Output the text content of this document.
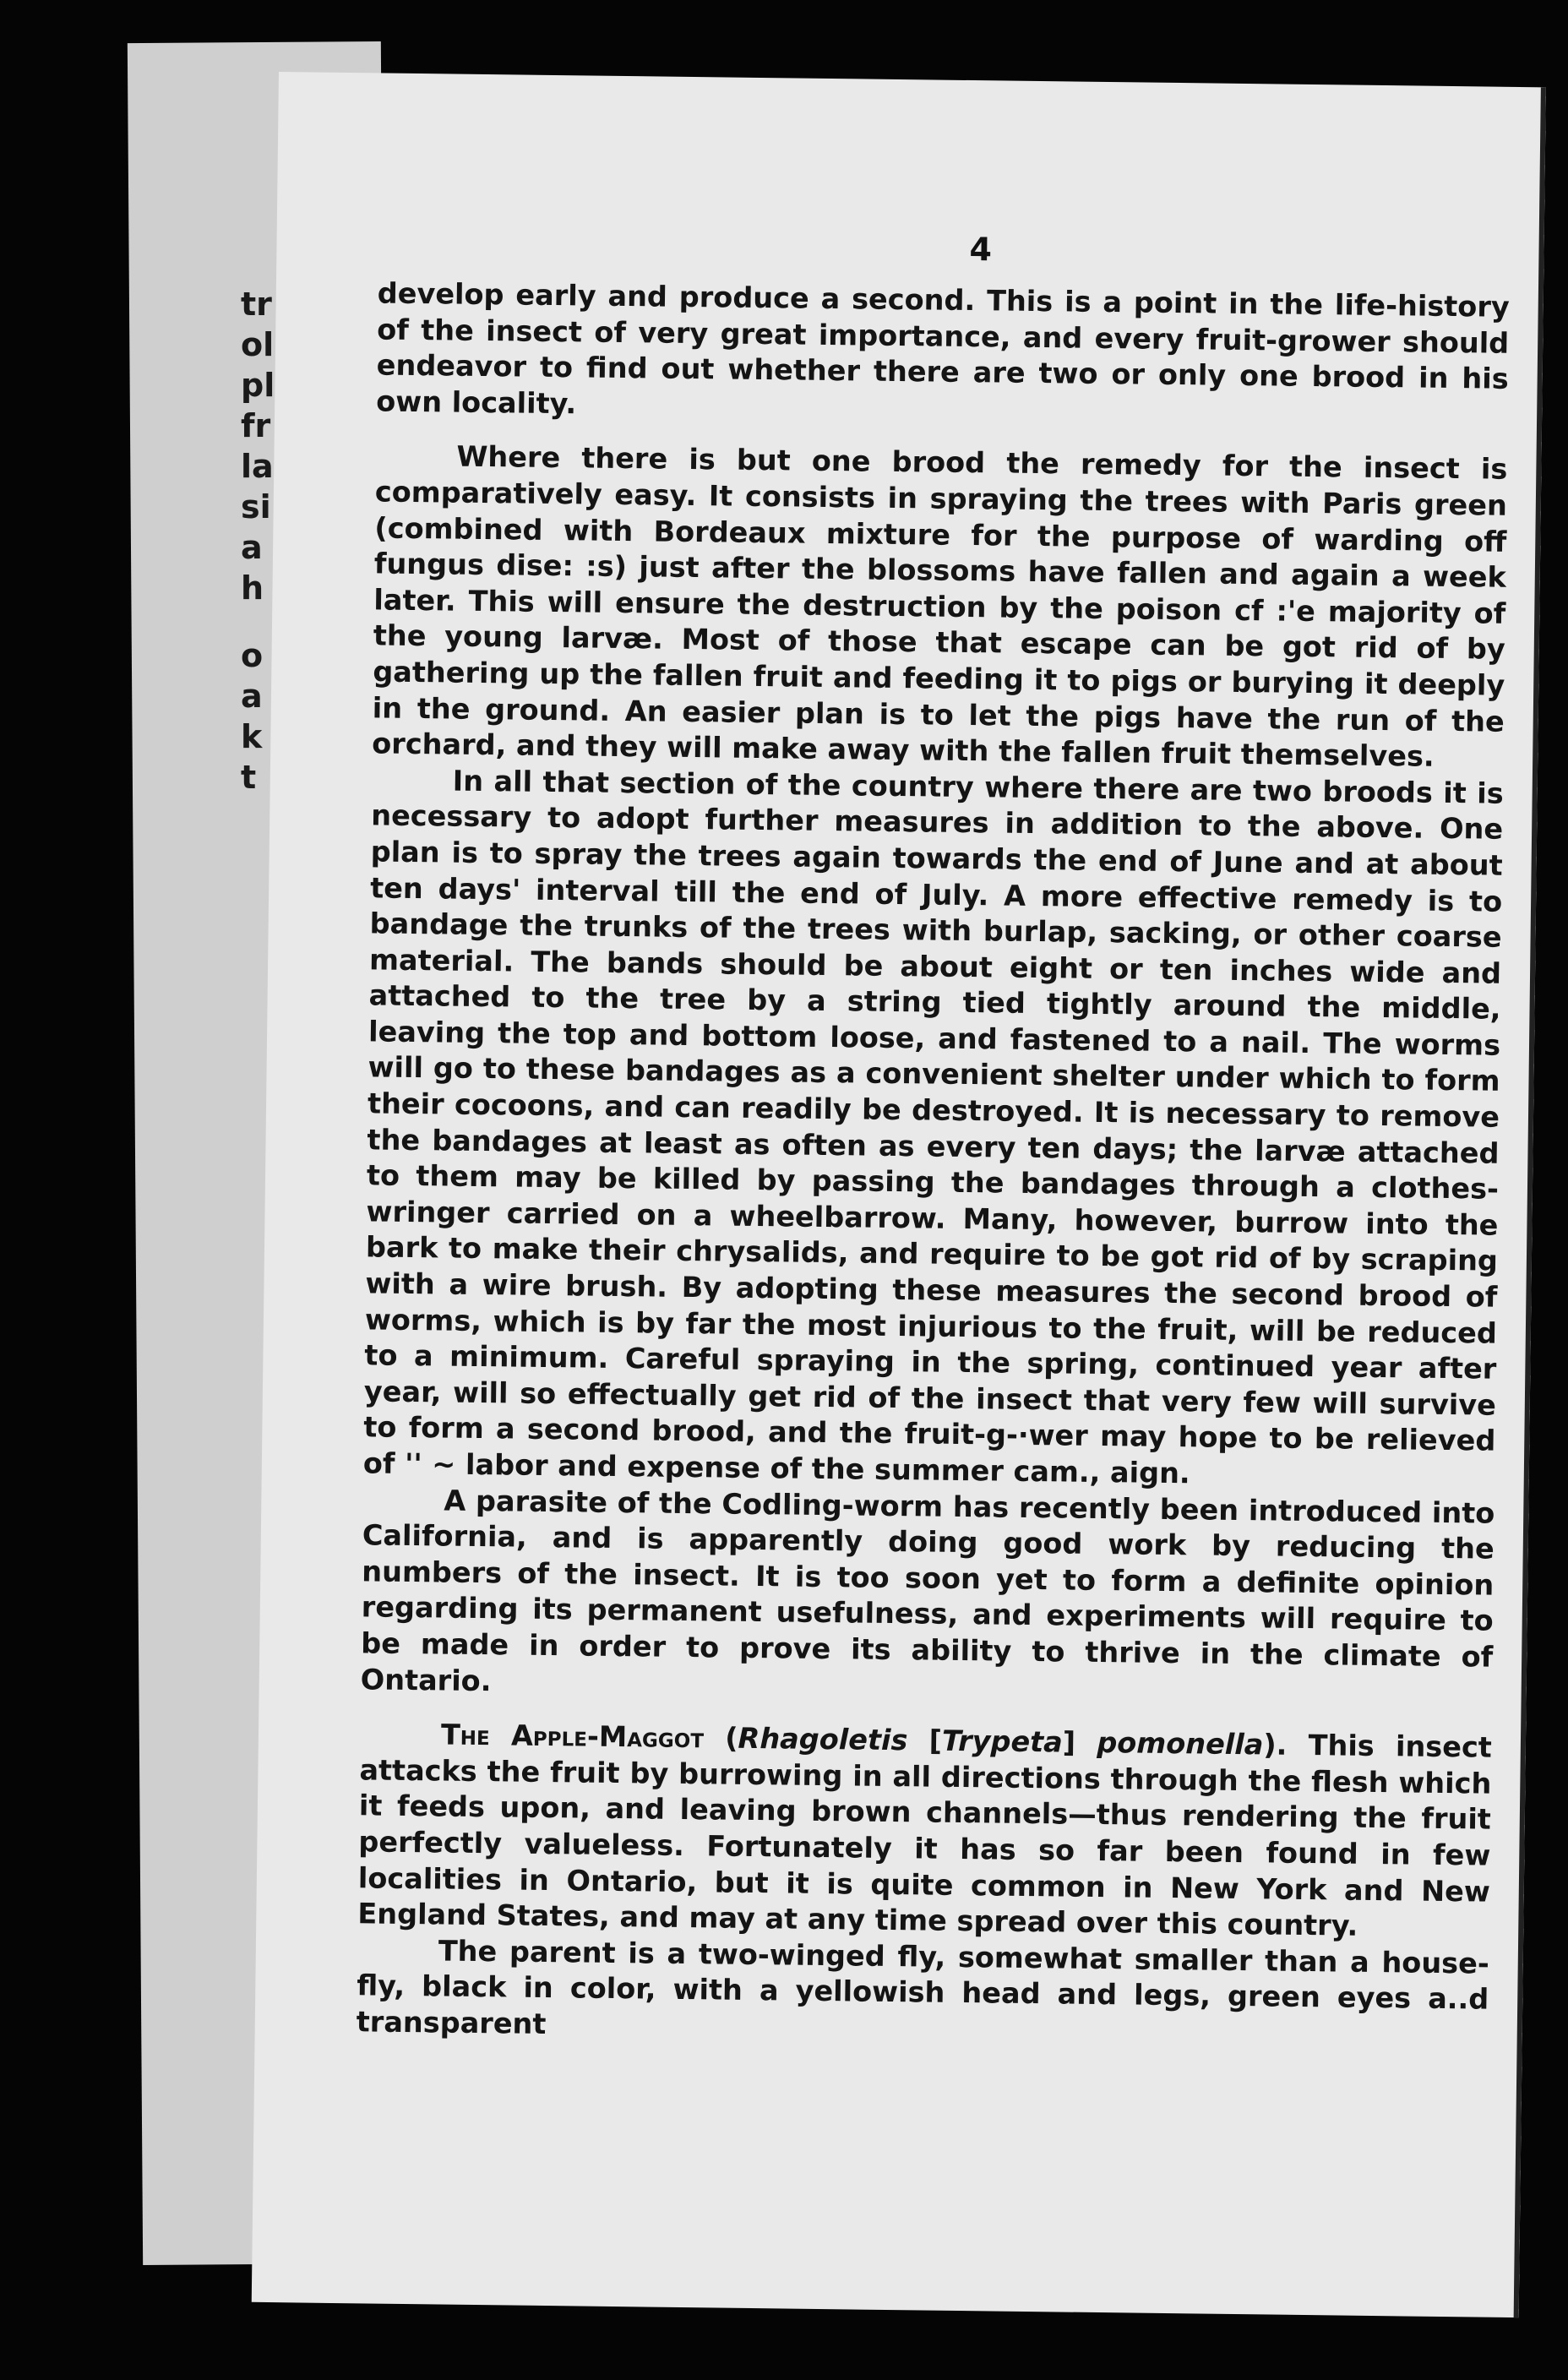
tr
ol
pl
fr
la
si
a
h
o
a
k
t
4

develop early and produce a second. This is a point in the life-history of the insect of very great importance, and every fruit-grower should endeavor to find out whether there are two or only one brood in his own locality.

Where there is but one brood the remedy for the insect is comparatively easy. It consists in spraying the trees with Paris green (combined with Bordeaux mixture for the purpose of warding off fungus dise: :s) just after the blossoms have fallen and again a week later. This will ensure the destruction by the poison cf :'e majority of the young larvæ. Most of those that escape can be got rid of by gathering up the fallen fruit and feeding it to pigs or burying it deeply in the ground. An easier plan is to let the pigs have the run of the orchard, and they will make away with the fallen fruit themselves.

In all that section of the country where there are two broods it is necessary to adopt further measures in addition to the above. One plan is to spray the trees again towards the end of June and at about ten days' interval till the end of July. A more effective remedy is to bandage the trunks of the trees with burlap, sacking, or other coarse material. The bands should be about eight or ten inches wide and attached to the tree by a string tied tightly around the middle, leaving the top and bottom loose, and fastened to a nail. The worms will go to these bandages as a convenient shelter under which to form their cocoons, and can readily be destroyed. It is necessary to remove the bandages at least as often as every ten days; the larvæ attached to them may be killed by passing the bandages through a clothes-wringer carried on a wheelbarrow. Many, however, burrow into the bark to make their chrysalids, and require to be got rid of by scraping with a wire brush. By adopting these measures the second brood of worms, which is by far the most injurious to the fruit, will be reduced to a minimum. Careful spraying in the spring, continued year after year, will so effectually get rid of the insect that very few will survive to form a second brood, and the fruit-g-·wer may hope to be relieved of '' ~ labor and expense of the summer cam., aign.

A parasite of the Codling-worm has recently been introduced into California, and is apparently doing good work by reducing the numbers of the insect. It is too soon yet to form a definite opinion regarding its permanent usefulness, and experiments will require to be made in order to prove its ability to thrive in the climate of Ontario.

The Apple-Maggot (Rhagoletis [Trypeta] pomonella). This insect attacks the fruit by burrowing in all directions through the flesh which it feeds upon, and leaving brown channels—thus rendering the fruit perfectly valueless. Fortunately it has so far been found in few localities in Ontario, but it is quite common in New York and New England States, and may at any time spread over this country.

The parent is a two-winged fly, somewhat smaller than a house-fly, black in color, with a yellowish head and legs, green eyes a..d transparent
